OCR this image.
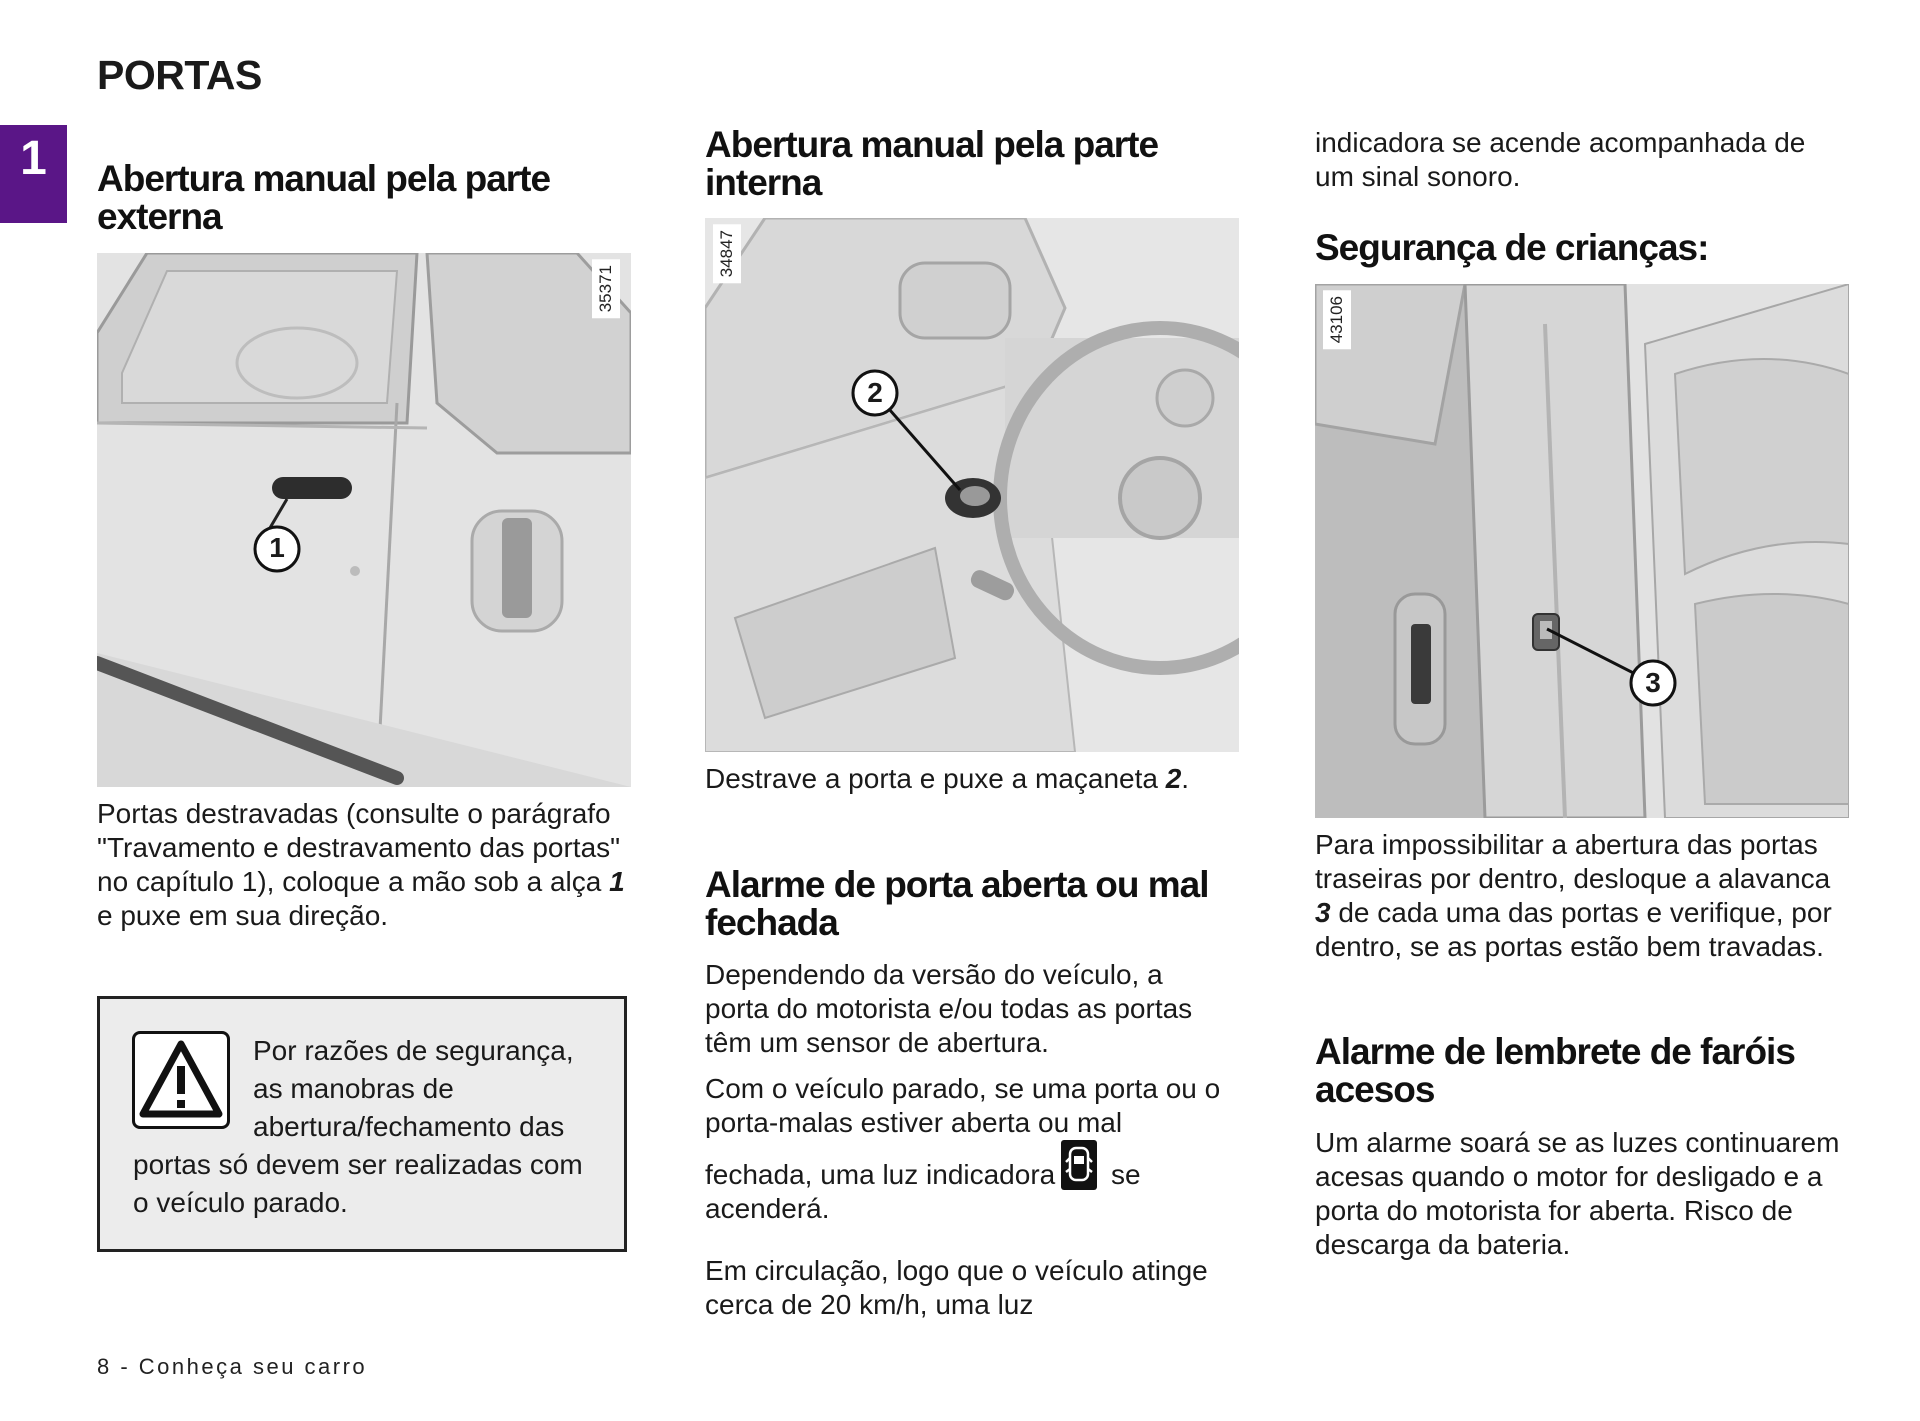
PORTAS
1	Abertura manual pela parte externa
1
35371

Portas destravadas (consulte o parágrafo "Travamento e destravamento das portas" no capítulo 1), coloque a mão sob a alça 1 e puxe em sua direção.

Por razões de segurança, as manobras de abertura/fechamento das portas só devem ser realizadas com o veículo parado.

Abertura manual pela parte interna
2
34847

Destrave a porta e puxe a maçaneta 2.

Alarme de porta aberta ou mal fechada

Dependendo da versão do veículo, a porta do motorista e/ou todas as portas têm um sensor de abertura.

Com o veículo parado, se uma porta ou o porta-malas estiver aberta ou mal fechada, uma luz indicadora se acenderá.

Em circulação, logo que o veículo atinge cerca de 20 km/h, uma luz

indicadora se acende acompanhada de um sinal sonoro.

Segurança de crianças:
3
43106

Para impossibilitar a abertura das portas traseiras por dentro, desloque a alavanca 3 de cada uma das portas e verifique, por dentro, se as portas estão bem travadas.

Alarme de lembrete de faróis acesos

Um alarme soará se as luzes continuarem acesas quando o motor for desligado e a porta do motorista for aberta. Risco de descarga da bateria.

8 - Conheça seu carro
